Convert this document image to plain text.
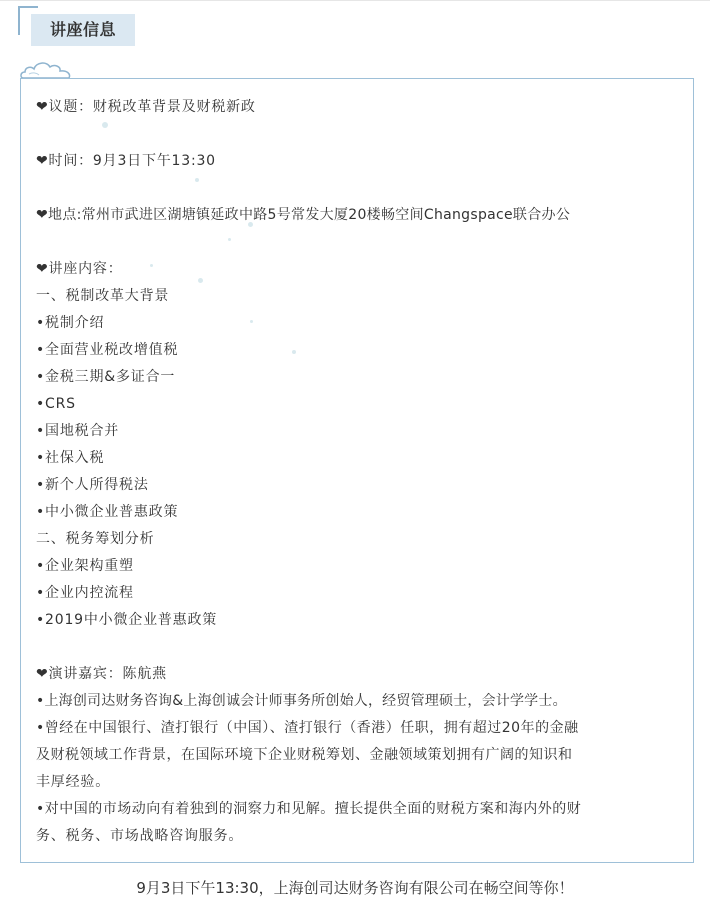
讲座信息
❤议题：财税改革背景及财税新政
❤时间：9月3日下午13:30
❤地点:常州市武进区湖塘镇延政中路5号常发大厦20楼畅空间Changspace联合办公
❤讲座内容：
一、税制改革大背景
•税制介绍
•全面营业税改增值税
•金税三期&多证合一
•CRS
•国地税合并
•社保入税
•新个人所得税法
•中小微企业普惠政策
二、税务筹划分析
•企业架构重塑
•企业内控流程
•2019中小微企业普惠政策
❤演讲嘉宾：陈航燕
•上海创司达财务咨询&上海创诚会计师事务所创始人，经贸管理硕士，会计学学士。
•曾经在中国银行、渣打银行（中国）、渣打银行（香港）任职，拥有超过20年的金融
及财税领域工作背景，在国际环境下企业财税筹划、金融领域策划拥有广阔的知识和
丰厚经验。
•对中国的市场动向有着独到的洞察力和见解。擅长提供全面的财税方案和海内外的财
务、税务、市场战略咨询服务。
9月3日下午13:30，上海创司达财务咨询有限公司在畅空间等你！
